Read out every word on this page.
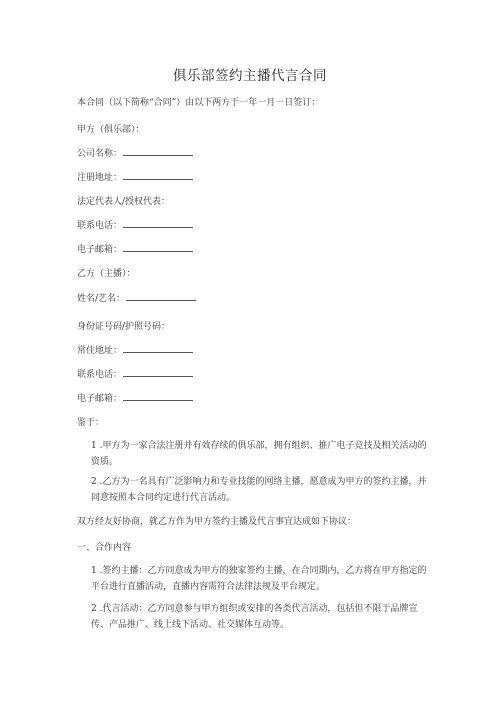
俱乐部签约主播代言合同
本合同（以下简称“合同”）由以下两方于一年一月一日签订：
甲方（俱乐部）：
公司名称：
注册地址：
法定代表人/授权代表：
联系电话：
电子邮箱：
乙方（主播）：
姓名/艺名：
身份证号码/护照号码：
常住地址：
联系电话：
电子邮箱：
鉴于：
1 .甲方为一家合法注册并有效存续的俱乐部，拥有组织、推广电子竞技及相关活动的资质。
2 .乙方为一名具有广泛影响力和专业技能的网络主播，愿意成为甲方的签约主播，并同意按照本合同约定进行代言活动。
双方经友好协商，就乙方作为甲方签约主播及代言事宜达成如下协议：
一、合作内容
1 .签约主播：乙方同意成为甲方的独家签约主播，在合同期内，乙方将在甲方指定的平台进行直播活动，直播内容需符合法律法规及平台规定。
2 .代言活动：乙方同意参与甲方组织或安排的各类代言活动，包括但不限于品牌宣传、产品推广、线上线下活动、社交媒体互动等。
